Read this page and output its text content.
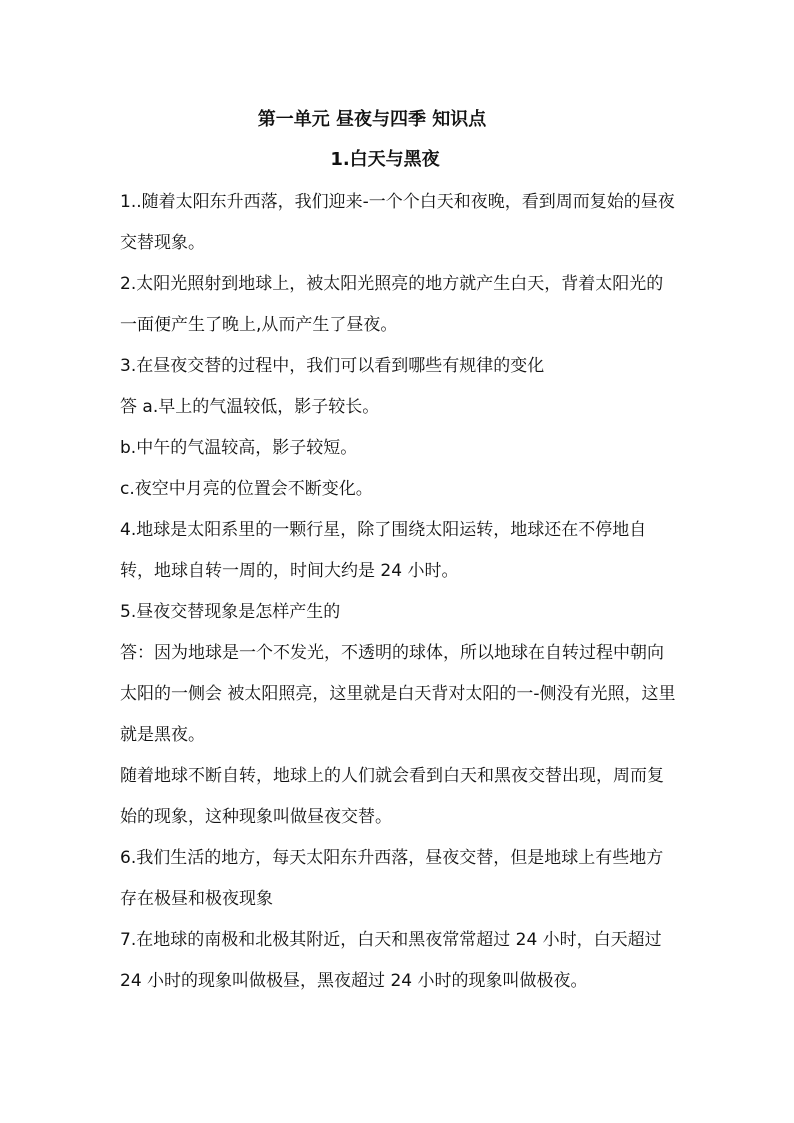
第一单元 昼夜与四季 知识点
1.白天与黑夜

1..随着太阳东升西落，我们迎来-一个个白天和夜晚，看到周而复始的昼夜交替现象。

2.太阳光照射到地球上，被太阳光照亮的地方就产生白天，背着太阳光的一面便产生了晚上,从而产生了昼夜。

3.在昼夜交替的过程中，我们可以看到哪些有规律的变化

答 a.早上的气温较低，影子较长。

b.中午的气温较高，影子较短。

c.夜空中月亮的位置会不断变化。

4.地球是太阳系里的一颗行星，除了围绕太阳运转，地球还在不停地自转，地球自转一周的，时间大约是 24 小时。

5.昼夜交替现象是怎样产生的

答：因为地球是一个不发光，不透明的球体，所以地球在自转过程中朝向太阳的一侧会 被太阳照亮，这里就是白天背对太阳的一-侧没有光照，这里就是黑夜。

随着地球不断自转，地球上的人们就会看到白天和黑夜交替出现，周而复始的现象，这种现象叫做昼夜交替。

6.我们生活的地方，每天太阳东升西落，昼夜交替，但是地球上有些地方存在极昼和极夜现象

7.在地球的南极和北极其附近，白天和黑夜常常超过 24 小时，白天超过 24 小时的现象叫做极昼，黑夜超过 24 小时的现象叫做极夜。
